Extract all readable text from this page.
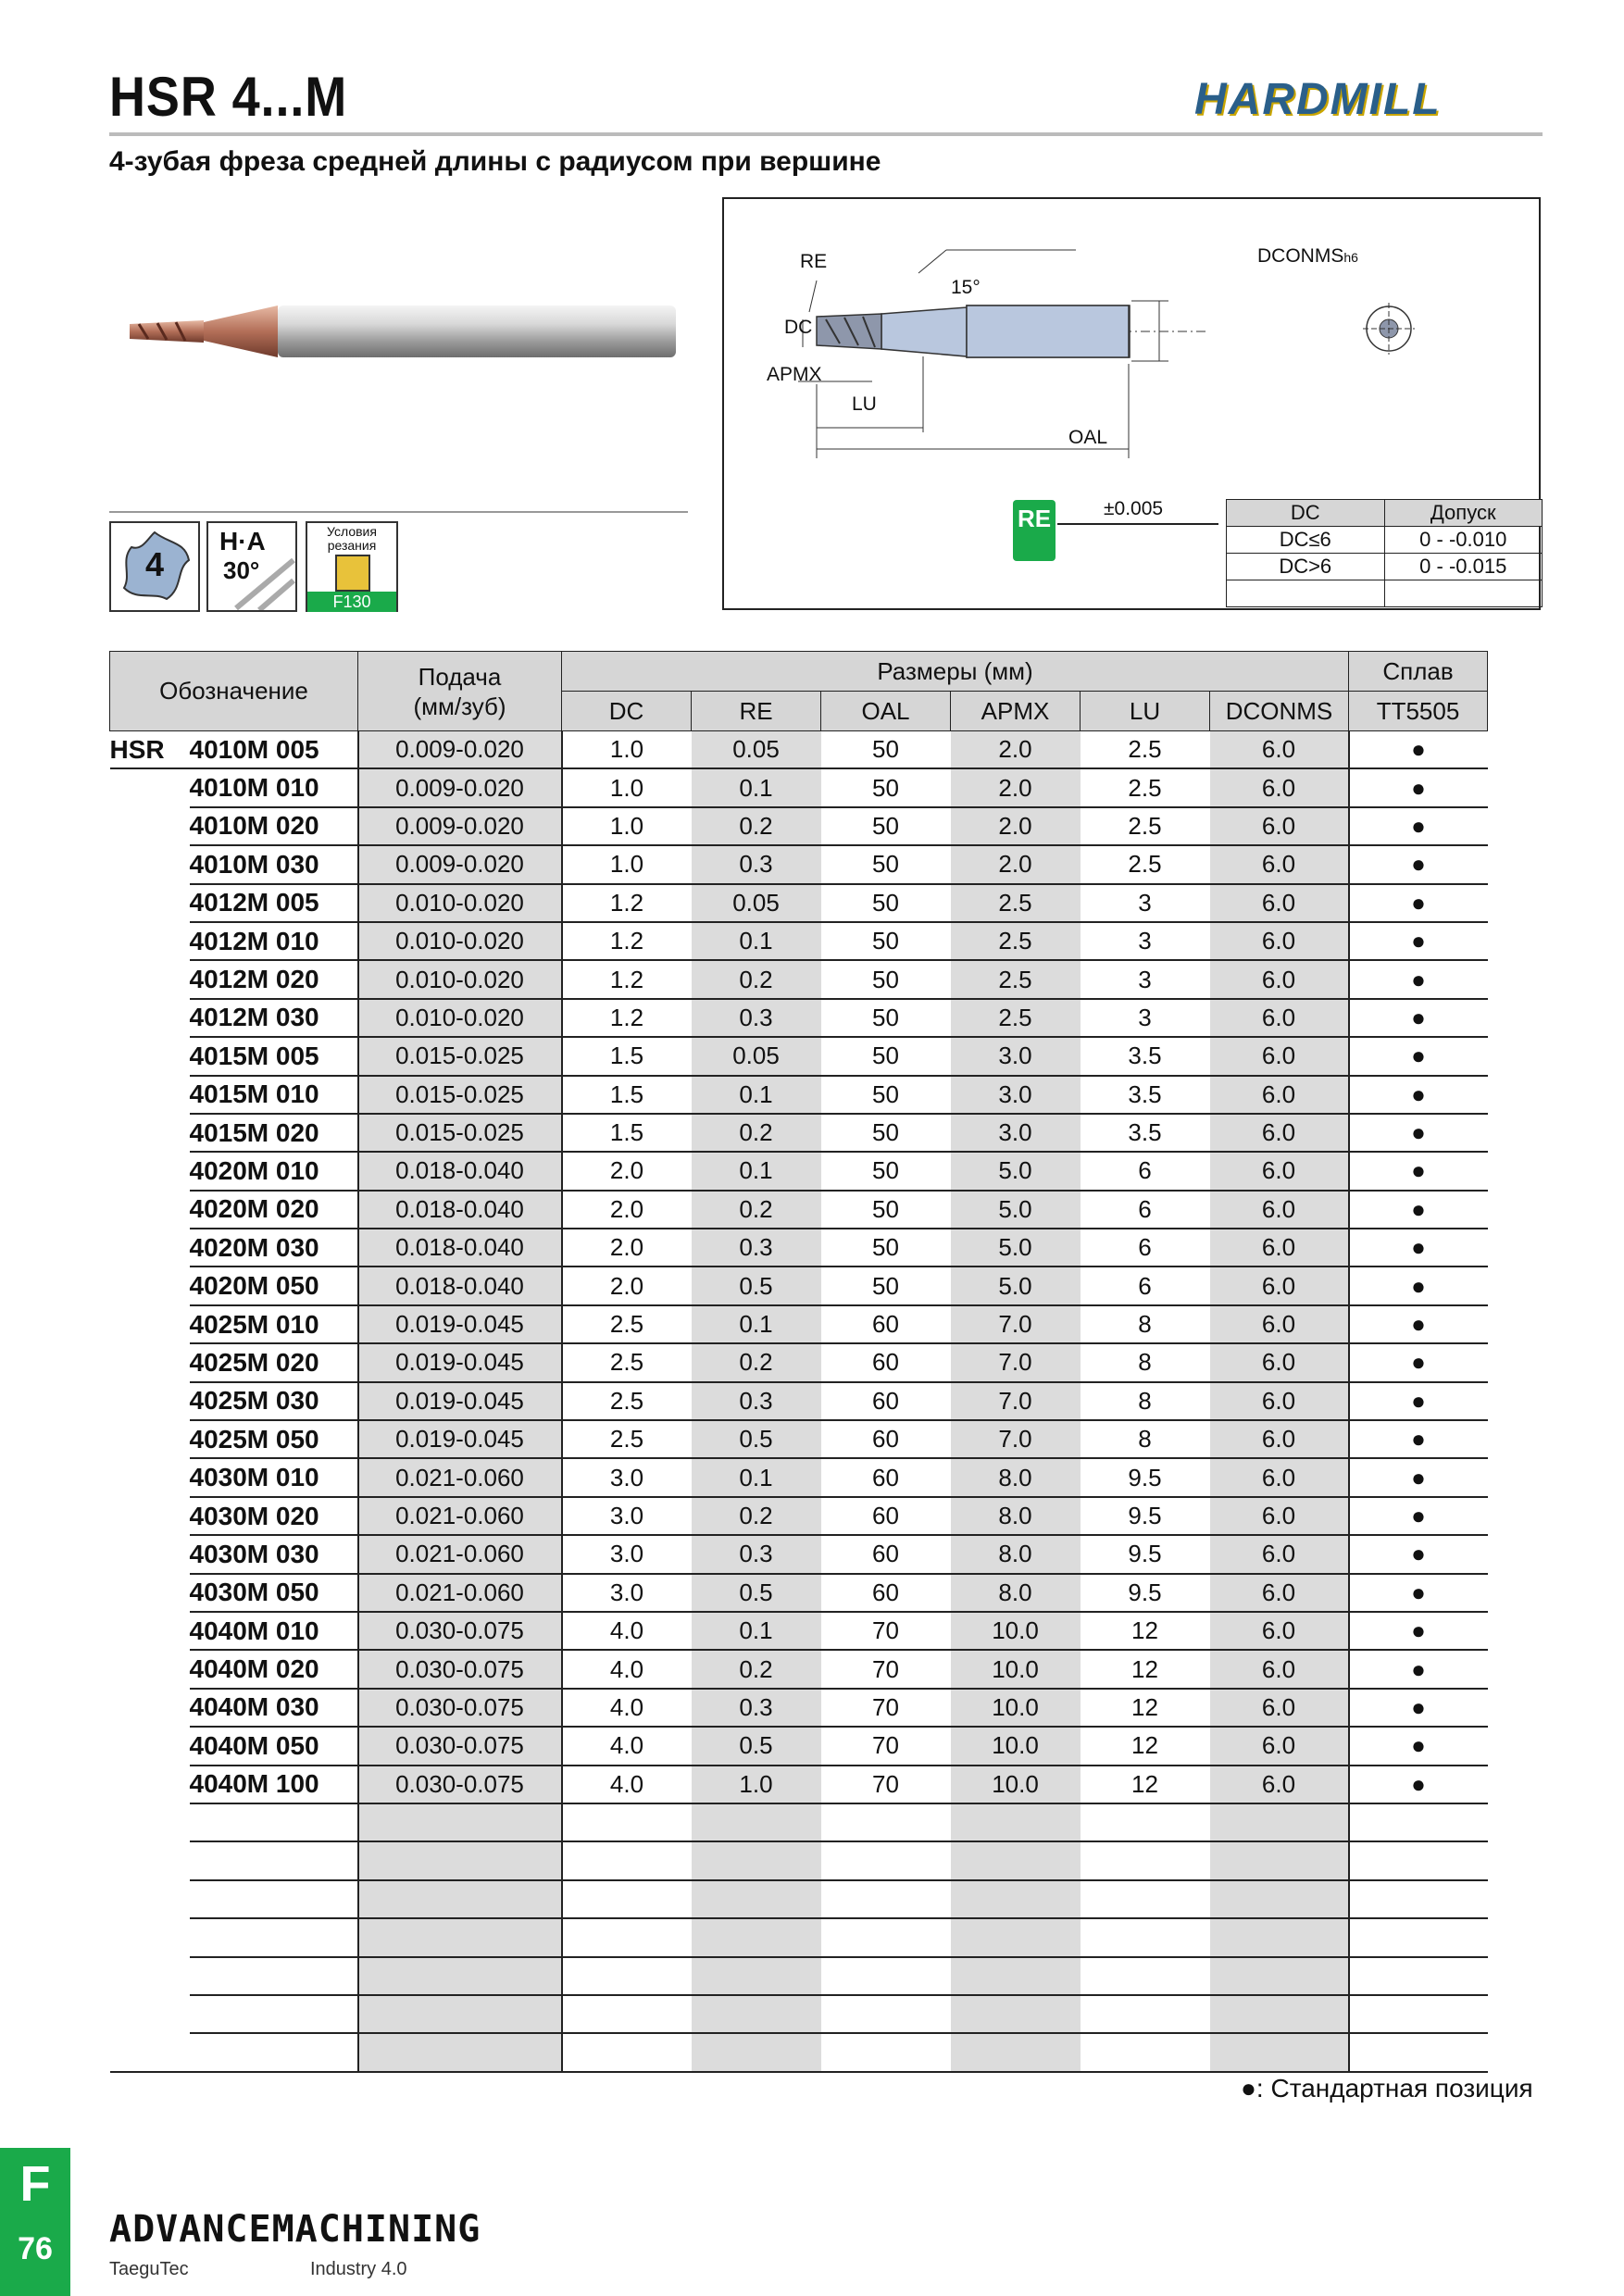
HSR 4...M	HARDMILL
4-зубая фреза средней длины с радиусом при вершине
RE
DC
APMX
LU
OAL
15°
DCONMSh6
RE	±0.005	DC	Допуск
DC≤6	0 - -0.010
DC>6	0 - -0.015

4
H·A
30°
Условия резания
F130
Обозначение		Подача (мм/зуб)	Размеры (мм)						Сплав
			DC	RE	OAL	APMX	LU	DCONMS	TT5505
HSR	4010M 005	0.009-0.020	1.0	0.05	50	2.0	2.5	6.0	●
	4010M 010	0.009-0.020	1.0	0.1	50	2.0	2.5	6.0	●
	4010M 020	0.009-0.020	1.0	0.2	50	2.0	2.5	6.0	●
	4010M 030	0.009-0.020	1.0	0.3	50	2.0	2.5	6.0	●
	4012M 005	0.010-0.020	1.2	0.05	50	2.5	3	6.0	●
	4012M 010	0.010-0.020	1.2	0.1	50	2.5	3	6.0	●
	4012M 020	0.010-0.020	1.2	0.2	50	2.5	3	6.0	●
	4012M 030	0.010-0.020	1.2	0.3	50	2.5	3	6.0	●
	4015M 005	0.015-0.025	1.5	0.05	50	3.0	3.5	6.0	●
	4015M 010	0.015-0.025	1.5	0.1	50	3.0	3.5	6.0	●
	4015M 020	0.015-0.025	1.5	0.2	50	3.0	3.5	6.0	●
	4020M 010	0.018-0.040	2.0	0.1	50	5.0	6	6.0	●
	4020M 020	0.018-0.040	2.0	0.2	50	5.0	6	6.0	●
	4020M 030	0.018-0.040	2.0	0.3	50	5.0	6	6.0	●
	4020M 050	0.018-0.040	2.0	0.5	50	5.0	6	6.0	●
	4025M 010	0.019-0.045	2.5	0.1	60	7.0	8	6.0	●
	4025M 020	0.019-0.045	2.5	0.2	60	7.0	8	6.0	●
	4025M 030	0.019-0.045	2.5	0.3	60	7.0	8	6.0	●
	4025M 050	0.019-0.045	2.5	0.5	60	7.0	8	6.0	●
	4030M 010	0.021-0.060	3.0	0.1	60	8.0	9.5	6.0	●
	4030M 020	0.021-0.060	3.0	0.2	60	8.0	9.5	6.0	●
	4030M 030	0.021-0.060	3.0	0.3	60	8.0	9.5	6.0	●
	4030M 050	0.021-0.060	3.0	0.5	60	8.0	9.5	6.0	●
	4040M 010	0.030-0.075	4.0	0.1	70	10.0	12	6.0	●
	4040M 020	0.030-0.075	4.0	0.2	70	10.0	12	6.0	●
	4040M 030	0.030-0.075	4.0	0.3	70	10.0	12	6.0	●
	4040M 050	0.030-0.075	4.0	0.5	70	10.0	12	6.0	●
	4040M 100	0.030-0.075	4.0	1.0	70	10.0	12	6.0	●

●: Стандартная позиция
F
76	ADVANCEMACHINING
TaeguTec	Industry 4.0
